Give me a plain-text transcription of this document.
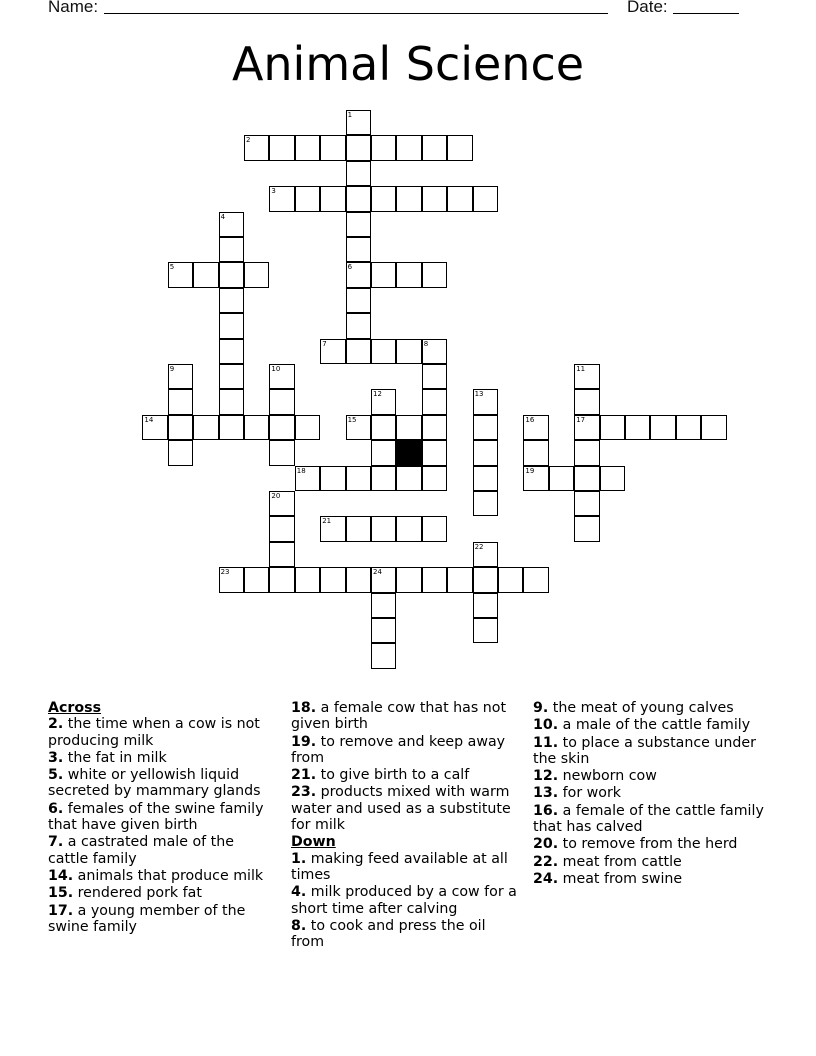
Name:	Date:
Animal Science
1
6
2
3
4
5
7	8
9	10	11
17
12	13
14	15	16
19
18
20
21
22
23	24
Across
2. the time when a cow is not producing milk
3. the fat in milk
5. white or yellowish liquid secreted by mammary glands
6. females of the swine family that have given birth
7. a castrated male of the cattle family
14. animals that produce milk
15. rendered pork fat
17. a young member of the swine family
18. a female cow that has not given birth
19. to remove and keep away from
21. to give birth to a calf
23. products mixed with warm water and used as a substitute for milk
Down
1. making feed available at all times
4. milk produced by a cow for a short time after calving
8. to cook and press the oil from
9. the meat of young calves
10. a male of the cattle family
11. to place a substance under the skin
12. newborn cow
13. for work
16. a female of the cattle family that has calved
20. to remove from the herd
22. meat from cattle
24. meat from swine
